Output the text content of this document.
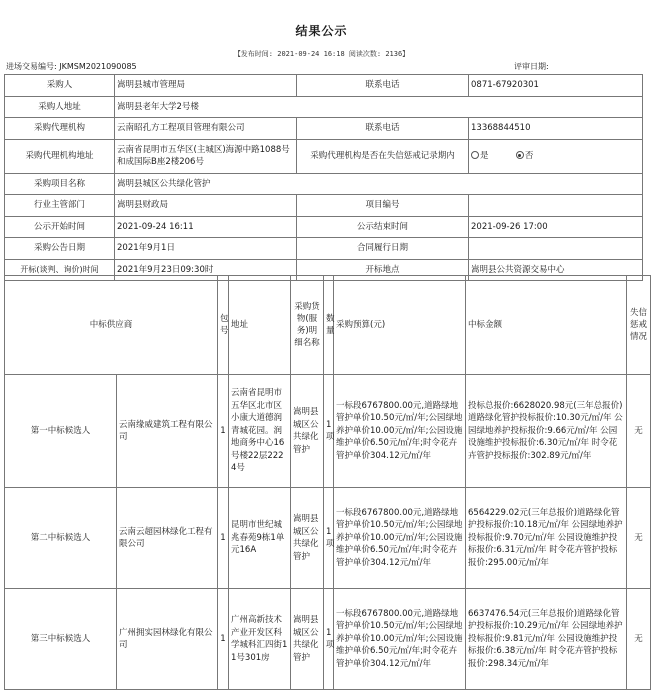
结果公示
【发布时间: 2021-09-24 16:18 阅读次数: 2136】
进场交易编号: JKMSM2021090085	评审日期:
采购人	嵩明县城市管理局	联系电话	0871-67920301
采购人地址	嵩明县老年大学2号楼		
采购代理机构	云南昭孔方工程项目管理有限公司	联系电话	13368844510
采购代理机构地址	云南省昆明市五华区(主城区)海源中路1088号和成国际B座2楼206号	采购代理机构是否在失信惩戒记录期内	是 否
采购项目名称	嵩明县城区公共绿化管护		
行业主管部门	嵩明县财政局	项目编号	
公示开始时间	2021-09-24 16:11	公示结束时间	2021-09-26 17:00
采购公告日期	2021年9月1日	合同履行日期	
开标(谈判、询价)时间	2021年9月23日09:30时	开标地点	嵩明县公共资源交易中心
中标供应商		包号	地址	采购货物(服务)明细名称	数量	采购预算(元)	中标金额	失信惩戒情况
第一中标候选人	云南缘威建筑工程有限公司	1	云南省昆明市五华区北市区小康大道德润青城花园。润地商务中心16号楼22层2224号	嵩明县城区公共绿化管护	1项	一标段6767800.00元,道路绿地管护单价10.50元/㎡/年;公园绿地养护单价10.00元/㎡/年;公园设施维护单价6.50元/㎡/年;时令花卉管护单价304.12元/㎡/年	投标总报价:6628020.98元(三年总报价)道路绿化管护投标报价:10.30元/㎡/年 公园绿地养护投标报价:9.66元/㎡/年 公园设施维护投标报价:6.30元/㎡/年 时令花卉管护投标报价:302.89元/㎡/年	无
第二中标候选人	云南云超园林绿化工程有限公司	1	昆明市世纪城兆春苑9栋1单元16A	嵩明县城区公共绿化管护	1项	一标段6767800.00元,道路绿地管护单价10.50元/㎡/年;公园绿地养护单价10.00元/㎡/年;公园设施维护单价6.50元/㎡/年;时令花卉管护单价304.12元/㎡/年	6564229.02元(三年总报价)道路绿化管护投标报价:10.18元/㎡/年 公园绿地养护投标报价:9.70元/㎡/年 公园设施维护投标报价:6.31元/㎡/年 时令花卉管护投标报价:295.00元/㎡/年	无
第三中标候选人	广州拥实园林绿化有限公司	1	广州高新技术产业开发区科学城科汇四街11号301房	嵩明县城区公共绿化管护	1项	一标段6767800.00元,道路绿地管护单价10.50元/㎡/年;公园绿地养护单价10.00元/㎡/年;公园设施维护单价6.50元/㎡/年;时令花卉管护单价304.12元/㎡/年	6637476.54元(三年总报价)道路绿化管护投标报价:10.29元/㎡/年 公园绿地养护投标报价:9.81元/㎡/年 公园设施维护投标报价:6.38元/㎡/年 时令花卉管护投标报价:298.34元/㎡/年	无
